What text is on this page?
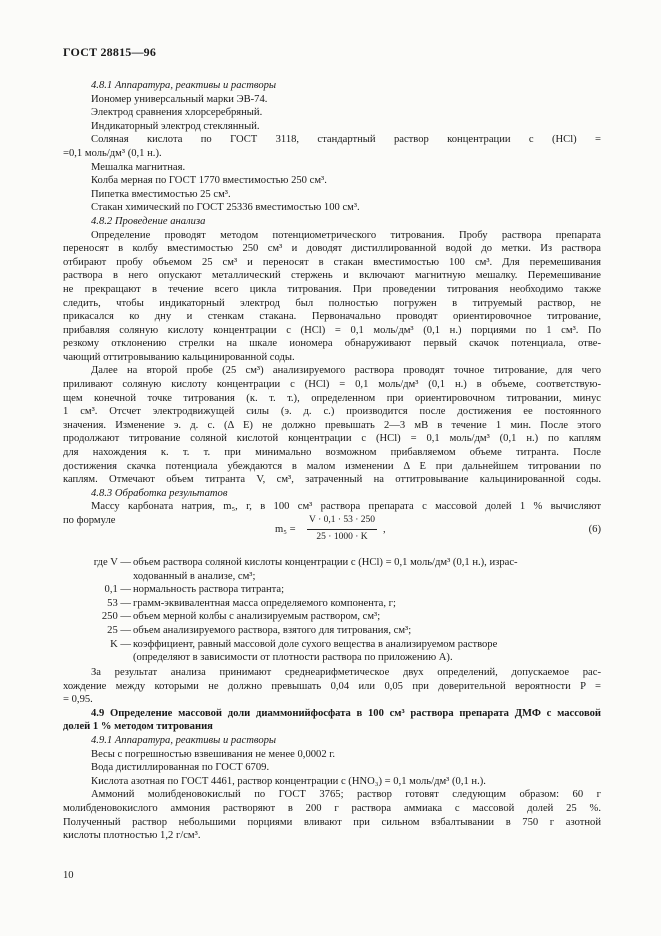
ГОСТ 28815—96
4.8.1 Аппаратура, реактивы и растворы
Иономер универсальный марки ЭВ-74.
Электрод сравнения хлорсеребряный.
Индикаторный электрод стеклянный.
Соляная кислота по ГОСТ 3118, стандартный раствор концентрации c (HCl) =
=0,1 моль/дм³ (0,1 н.).
Мешалка магнитная.
Колба мерная по ГОСТ 1770 вместимостью 250 см³.
Пипетка вместимостью 25 см³.
Стакан химический по ГОСТ 25336 вместимостью 100 см³.
4.8.2 Проведение анализа
Определение проводят методом потенциометрического титрования. Пробу раствора препарата
переносят в колбу вместимостью 250 см³ и доводят дистиллированной водой до метки. Из раствора
отбирают пробу объемом 25 см³ и переносят в стакан вместимостью 100 см³. Для перемешивания
раствора в него опускают металлический стержень и включают магнитную мешалку. Перемешивание
не прекращают в течение всего цикла титрования. При проведении титрования необходимо также
следить, чтобы индикаторный электрод был полностью погружен в титруемый раствор, не
прикасался ко дну и стенкам стакана. Первоначально проводят ориентировочное титрование,
прибавляя соляную кислоту концентрации c (HCl) = 0,1 моль/дм³ (0,1 н.) порциями по 1 см³. По
резкому отклонению стрелки на шкале иономера обнаруживают первый скачок потенциала, отве-
чающий оттитровыванию кальцинированной соды.
Далее на второй пробе (25 см³) анализируемого раствора проводят точное титрование, для чего
приливают соляную кислоту концентрации c (HCl) = 0,1 моль/дм³ (0,1 н.) в объеме, соответствую-
щем конечной точке титрования (к. т. т.), определенном при ориентировочном титровании, минус
1 см³. Отсчет электродвижущей силы (э. д. с.) производится после достижения ее постоянного
значения. Изменение э. д. с. (Δ E) не должно превышать 2—3 мВ в течение 1 мин. После этого
продолжают титрование соляной кислотой концентрации c (HCl) = 0,1 моль/дм³ (0,1 н.) по каплям
для нахождения к. т. т. при минимально возможном прибавляемом объеме титранта. После
достижения скачка потенциала убеждаются в малом изменении Δ E при дальнейшем титровании по
каплям. Отмечают объем титранта V, см³, затраченный на оттитровывание кальцинированной соды.
4.8.3 Обработка результатов
Массу карбоната натрия, m₅, г, в 100 см³ раствора препарата с массовой долей 1 % вычисляют
по формуле
$m_5 = \frac{V \cdot 0,1 \cdot 53 \cdot 250}{25 \cdot 1000 \cdot K}$ ,	(6)
где V — объем раствора соляной кислоты концентрации c (HCl) = 0,1 моль/дм³ (0,1 н.), израс-
ходованный в анализе, см³;
0,1 — нормальность раствора титранта;
53 — грамм-эквивалентная масса определяемого компонента, г;
250 — объем мерной колбы с анализируемым раствором, см³;
25 — объем анализируемого раствора, взятого для титрования, см³;
K — коэффициент, равный массовой доле сухого вещества в анализируемом растворе
(определяют в зависимости от плотности раствора по приложению А).
За результат анализа принимают среднеарифметическое двух определений, допускаемое рас-
хождение между которыми не должно превышать 0,04 или 0,05 при доверительной вероятности P =
= 0,95.
4.9 Определение массовой доли диаммонийфосфата в 100 см³ раствора препарата ДМФ с массовой
долей 1 % методом титрования
4.9.1 Аппаратура, реактивы и растворы
Весы с погрешностью взвешивания не менее 0,0002 г.
Вода дистиллированная по ГОСТ 6709.
Кислота азотная по ГОСТ 4461, раствор концентрации c (HNO₃) = 0,1 моль/дм³ (0,1 н.).
Аммоний молибденовокислый по ГОСТ 3765; раствор готовят следующим образом: 60 г
молибденовокислого аммония растворяют в 200 г раствора аммиака с массовой долей 25 %.
Полученный раствор небольшими порциями вливают при сильном взбалтывании в 750 г азотной
кислоты плотностью 1,2 г/см³.
10
